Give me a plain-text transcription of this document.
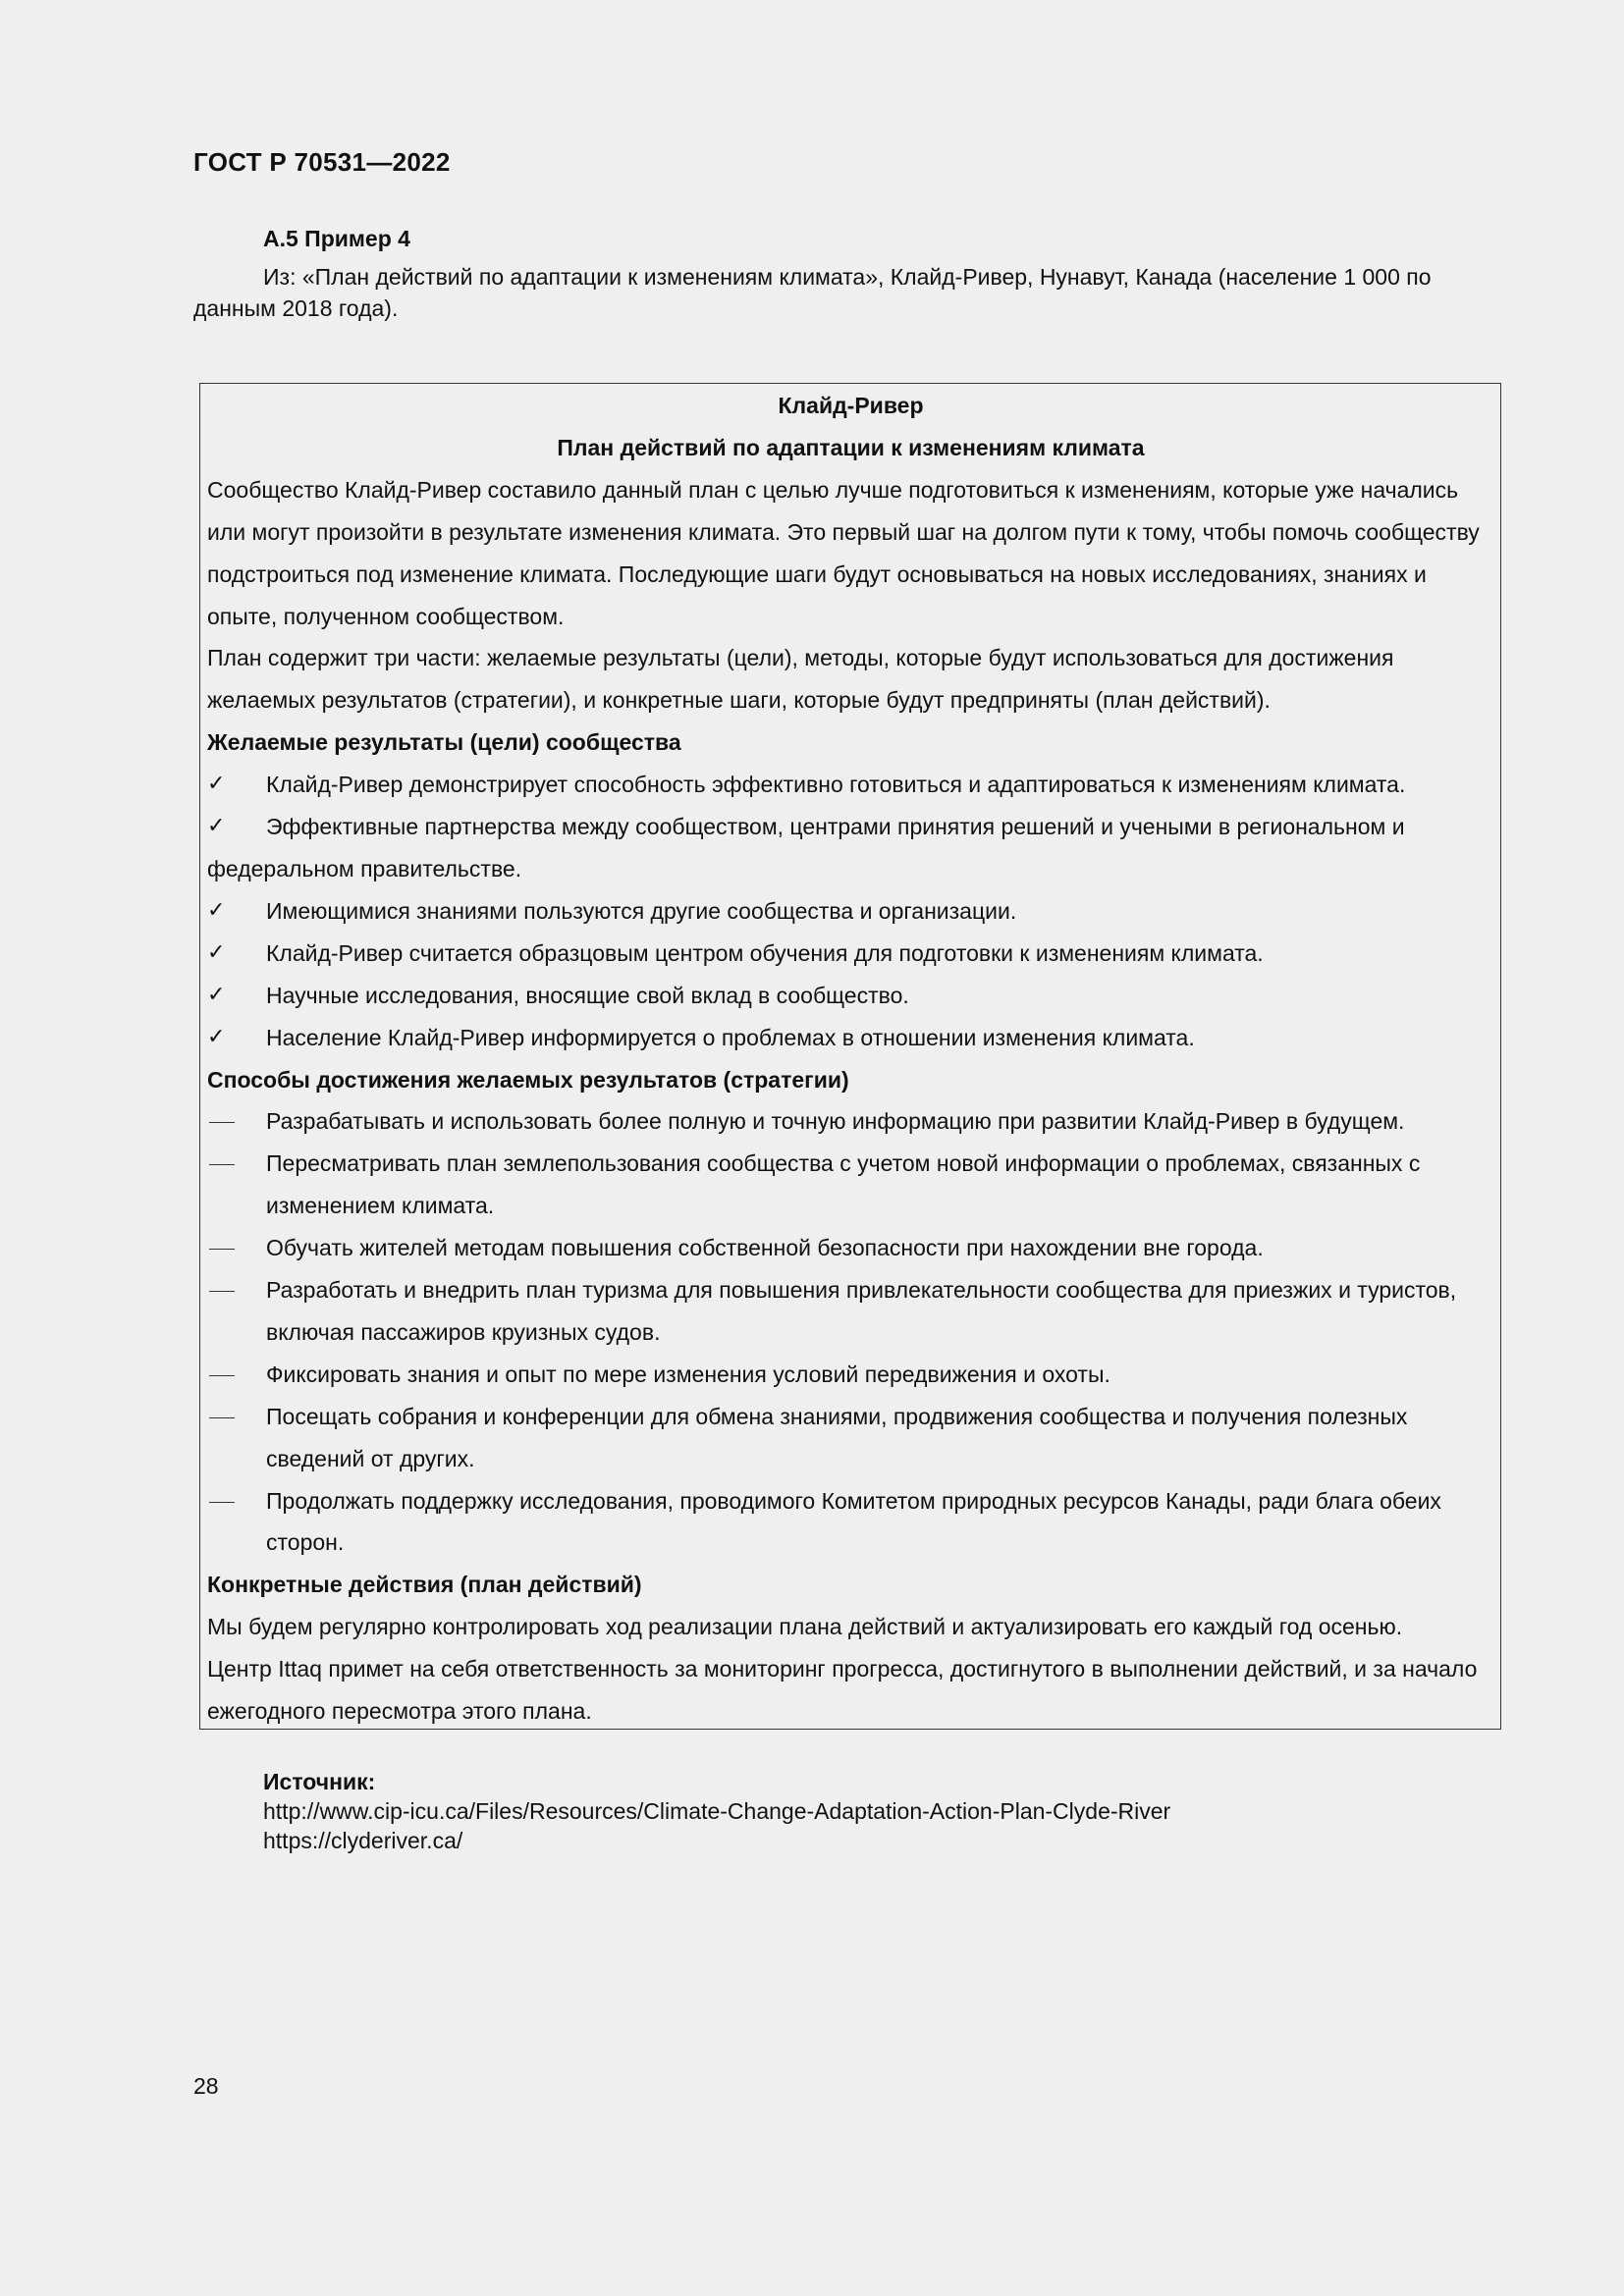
ГОСТ Р 70531—2022
А.5 Пример 4
Из: «План действий по адаптации к изменениям климата», Клайд-Ривер, Нунавут, Канада (население 1 000 по данным 2018 года).

Клайд-Ривер

План действий по адаптации к изменениям климата

Сообщество Клайд-Ривер составило данный план с целью лучше подготовиться к изменениям, которые уже начались или могут произойти в результате изменения климата. Это первый шаг на долгом пути к тому, чтобы помочь сообществу подстроиться под изменение климата. Последующие шаги будут основываться на новых исследованиях, знаниях и опыте, полученном сообществом.

План содержит три части: желаемые результаты (цели), методы, которые будут использоваться для достижения желаемых результатов (стратегии), и конкретные шаги, которые будут предприняты (план действий).

Желаемые результаты (цели) сообщества

✓	Клайд-Ривер демонстрирует способность эффективно готовиться и адаптироваться к изменениям климата.
✓	Эффективные партнерства между сообществом, центрами принятия решений и учеными в региональном и федеральном правительстве.
✓	Имеющимися знаниями пользуются другие сообщества и организации.
✓	Клайд-Ривер считается образцовым центром обучения для подготовки к изменениям климата.
✓	Научные исследования, вносящие свой вклад в сообщество.
✓	Население Клайд-Ривер информируется о проблемах в отношении изменения климата.

Способы достижения желаемых результатов (стратегии)

Разрабатывать и использовать более полную и точную информацию при развитии Клайд-Ривер в будущем.
Пересматривать план землепользования сообщества с учетом новой информации о проблемах, связанных с изменением климата.
Обучать жителей методам повышения собственной безопасности при нахождении вне города.
Разработать и внедрить план туризма для повышения привлекательности сообщества для приезжих и туристов, включая пассажиров круизных судов.
Фиксировать знания и опыт по мере изменения условий передвижения и охоты.
Посещать собрания и конференции для обмена знаниями, продвижения сообщества и получения полезных сведений от других.
Продолжать поддержку исследования, проводимого Комитетом природных ресурсов Канады, ради блага обеих сторон.

Конкретные действия (план действий)

Мы будем регулярно контролировать ход реализации плана действий и актуализировать его каждый год осенью.

Центр Ittaq примет на себя ответственность за мониторинг прогресса, достигнутого в выполнении действий, и за начало ежегодного пересмотра этого плана.

Источник:
http://www.cip-icu.ca/Files/Resources/Climate-Change-Adaptation-Action-Plan-Clyde-River
https://clyderiver.ca/
28
